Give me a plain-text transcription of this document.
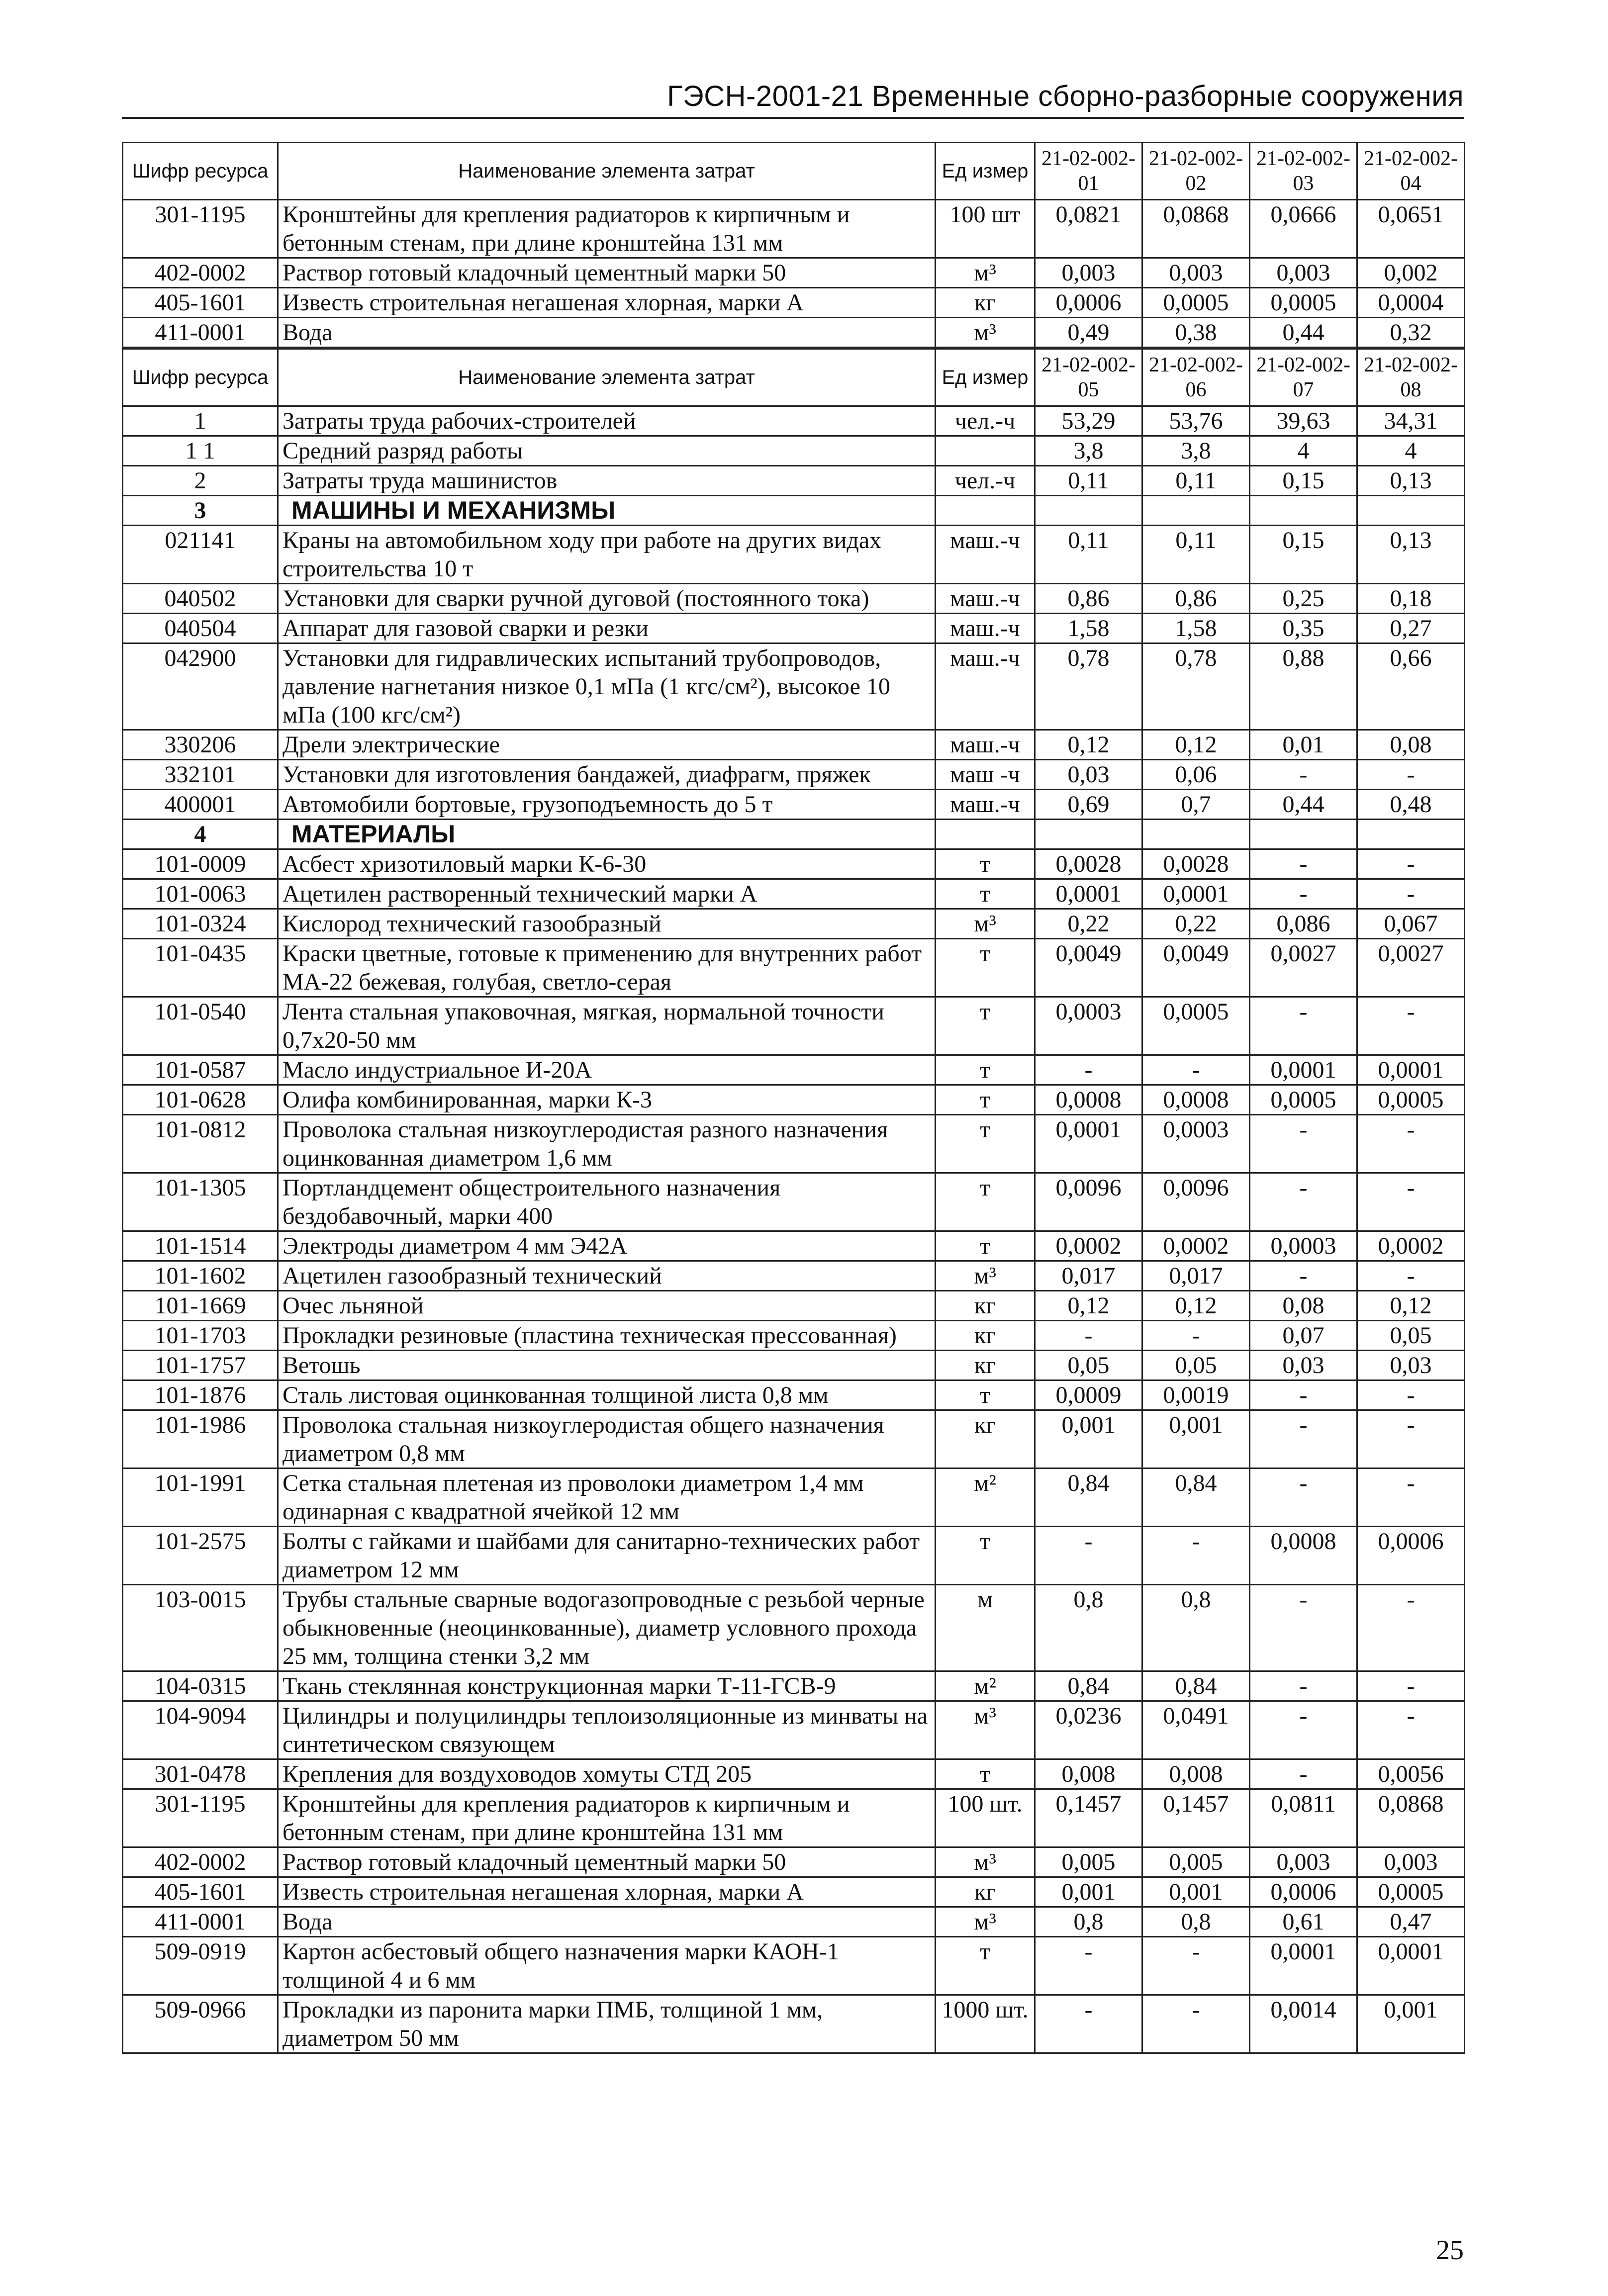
ГЭСН-2001-21 Временные сборно-разборные сооружения
Шифр ресурса	Наименование элемента затрат	Ед измер	21-02-002-01	21-02-002-02	21-02-002-03	21-02-002-04
301-1195	Кронштейны для крепления радиаторов к кирпичным и бетонным стенам, при длине кронштейна 131 мм	100 шт	0,0821	0,0868	0,0666	0,0651
402-0002	Раствор готовый кладочный цементный марки 50	м³	0,003	0,003	0,003	0,002
405-1601	Известь строительная негашеная хлорная, марки А	кг	0,0006	0,0005	0,0005	0,0004
411-0001	Вода	м³	0,49	0,38	0,44	0,32
Шифр ресурса	Наименование элемента затрат	Ед измер	21-02-002-05	21-02-002-06	21-02-002-07	21-02-002-08
1	Затраты труда рабочих-строителей	чел.-ч	53,29	53,76	39,63	34,31
1 1	Средний разряд работы		3,8	3,8	4	4
2	Затраты труда машинистов	чел.-ч	0,11	0,11	0,15	0,13
3	МАШИНЫ И МЕХАНИЗМЫ					
021141	Краны на автомобильном ходу при работе на других видах строительства 10 т	маш.-ч	0,11	0,11	0,15	0,13
040502	Установки для сварки ручной дуговой (постоянного тока)	маш.-ч	0,86	0,86	0,25	0,18
040504	Аппарат для газовой сварки и резки	маш.-ч	1,58	1,58	0,35	0,27
042900	Установки для гидравлических испытаний трубопроводов, давление нагнетания низкое 0,1 мПа (1 кгс/см²), высокое 10 мПа (100 кгс/см²)	маш.-ч	0,78	0,78	0,88	0,66
330206	Дрели электрические	маш.-ч	0,12	0,12	0,01	0,08
332101	Установки для изготовления бандажей, диафрагм, пряжек	маш -ч	0,03	0,06	-	-
400001	Автомобили бортовые, грузоподъемность до 5 т	маш.-ч	0,69	0,7	0,44	0,48
4	МАТЕРИАЛЫ					
101-0009	Асбест хризотиловый марки К-6-30	т	0,0028	0,0028	-	-
101-0063	Ацетилен растворенный технический марки А	т	0,0001	0,0001	-	-
101-0324	Кислород технический газообразный	м³	0,22	0,22	0,086	0,067
101-0435	Краски цветные, готовые к применению для внутренних работ МА-22 бежевая, голубая, светло-серая	т	0,0049	0,0049	0,0027	0,0027
101-0540	Лента стальная упаковочная, мягкая, нормальной точности 0,7х20-50 мм	т	0,0003	0,0005	-	-
101-0587	Масло индустриальное И-20А	т	-	-	0,0001	0,0001
101-0628	Олифа комбинированная, марки К-3	т	0,0008	0,0008	0,0005	0,0005
101-0812	Проволока стальная низкоуглеродистая разного назначения оцинкованная диаметром 1,6 мм	т	0,0001	0,0003	-	-
101-1305	Портландцемент общестроительного назначения бездобавочный, марки 400	т	0,0096	0,0096	-	-
101-1514	Электроды диаметром 4 мм Э42А	т	0,0002	0,0002	0,0003	0,0002
101-1602	Ацетилен газообразный технический	м³	0,017	0,017	-	-
101-1669	Очес льняной	кг	0,12	0,12	0,08	0,12
101-1703	Прокладки резиновые (пластина техническая прессованная)	кг	-	-	0,07	0,05
101-1757	Ветошь	кг	0,05	0,05	0,03	0,03
101-1876	Сталь листовая оцинкованная толщиной листа 0,8 мм	т	0,0009	0,0019	-	-
101-1986	Проволока стальная низкоуглеродистая общего назначения диаметром 0,8 мм	кг	0,001	0,001	-	-
101-1991	Сетка стальная плетеная из проволоки диаметром 1,4 мм одинарная с квадратной ячейкой 12 мм	м²	0,84	0,84	-	-
101-2575	Болты с гайками и шайбами для санитарно-технических работ диаметром 12 мм	т	-	-	0,0008	0,0006
103-0015	Трубы стальные сварные водогазопроводные с резьбой черные обыкновенные (неоцинкованные), диаметр условного прохода 25 мм, толщина стенки 3,2 мм	м	0,8	0,8	-	-
104-0315	Ткань стеклянная конструкционная марки Т-11-ГСВ-9	м²	0,84	0,84	-	-
104-9094	Цилиндры и полуцилиндры теплоизоляционные из минваты на синтетическом связующем	м³	0,0236	0,0491	-	-
301-0478	Крепления для воздуховодов хомуты СТД 205	т	0,008	0,008	-	0,0056
301-1195	Кронштейны для крепления радиаторов к кирпичным и бетонным стенам, при длине кронштейна 131 мм	100 шт.	0,1457	0,1457	0,0811	0,0868
402-0002	Раствор готовый кладочный цементный марки 50	м³	0,005	0,005	0,003	0,003
405-1601	Известь строительная негашеная хлорная, марки А	кг	0,001	0,001	0,0006	0,0005
411-0001	Вода	м³	0,8	0,8	0,61	0,47
509-0919	Картон асбестовый общего назначения марки КАОН-1 толщиной 4 и 6 мм	т	-	-	0,0001	0,0001
509-0966	Прокладки из паронита марки ПМБ, толщиной 1 мм, диаметром 50 мм	1000 шт.	-	-	0,0014	0,001
25
